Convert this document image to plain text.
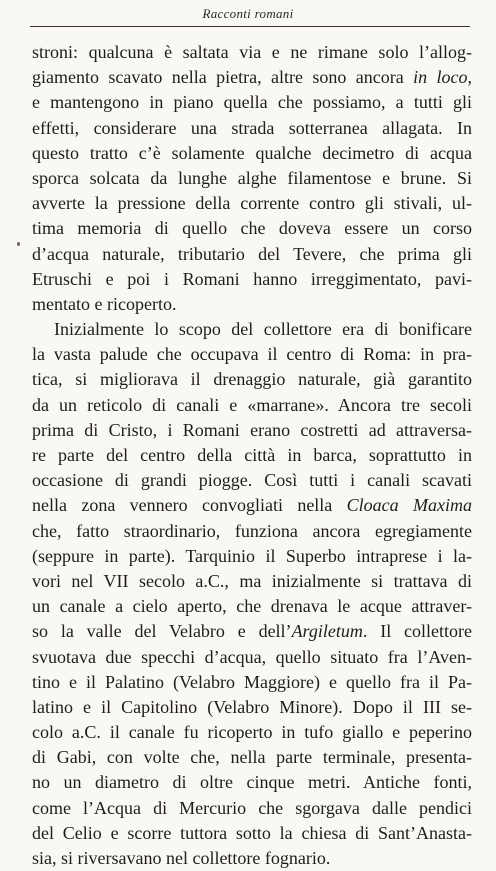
Racconti romani
stroni: qualcuna è saltata via e ne rimane solo l’allog-
giamento scavato nella pietra, altre sono ancora in loco,
e mantengono in piano quella che possiamo, a tutti gli
effetti, considerare una strada sotterranea allagata. In
questo tratto c’è solamente qualche decimetro di acqua
sporca solcata da lunghe alghe filamentose e brune. Si
avverte la pressione della corrente contro gli stivali, ul-
tima memoria di quello che doveva essere un corso
d’acqua naturale, tributario del Tevere, che prima gli
Etruschi e poi i Romani hanno irreggimentato, pavi-
mentato e ricoperto.
Inizialmente lo scopo del collettore era di bonificare
la vasta palude che occupava il centro di Roma: in pra-
tica, si migliorava il drenaggio naturale, già garantito
da un reticolo di canali e «marrane». Ancora tre secoli
prima di Cristo, i Romani erano costretti ad attraversa-
re parte del centro della città in barca, soprattutto in
occasione di grandi piogge. Così tutti i canali scavati
nella zona vennero convogliati nella Cloaca Maxima
che, fatto straordinario, funziona ancora egregiamente
(seppure in parte). Tarquinio il Superbo intraprese i la-
vori nel VII secolo a.C., ma inizialmente si trattava di
un canale a cielo aperto, che drenava le acque attraver-
so la valle del Velabro e dell’Argiletum. Il collettore
svuotava due specchi d’acqua, quello situato fra l’Aven-
tino e il Palatino (Velabro Maggiore) e quello fra il Pa-
latino e il Capitolino (Velabro Minore). Dopo il III se-
colo a.C. il canale fu ricoperto in tufo giallo e peperino
di Gabi, con volte che, nella parte terminale, presenta-
no un diametro di oltre cinque metri. Antiche fonti,
come l’Acqua di Mercurio che sgorgava dalle pendici
del Celio e scorre tuttora sotto la chiesa di Sant’Anasta-
sia, si riversavano nel collettore fognario.
